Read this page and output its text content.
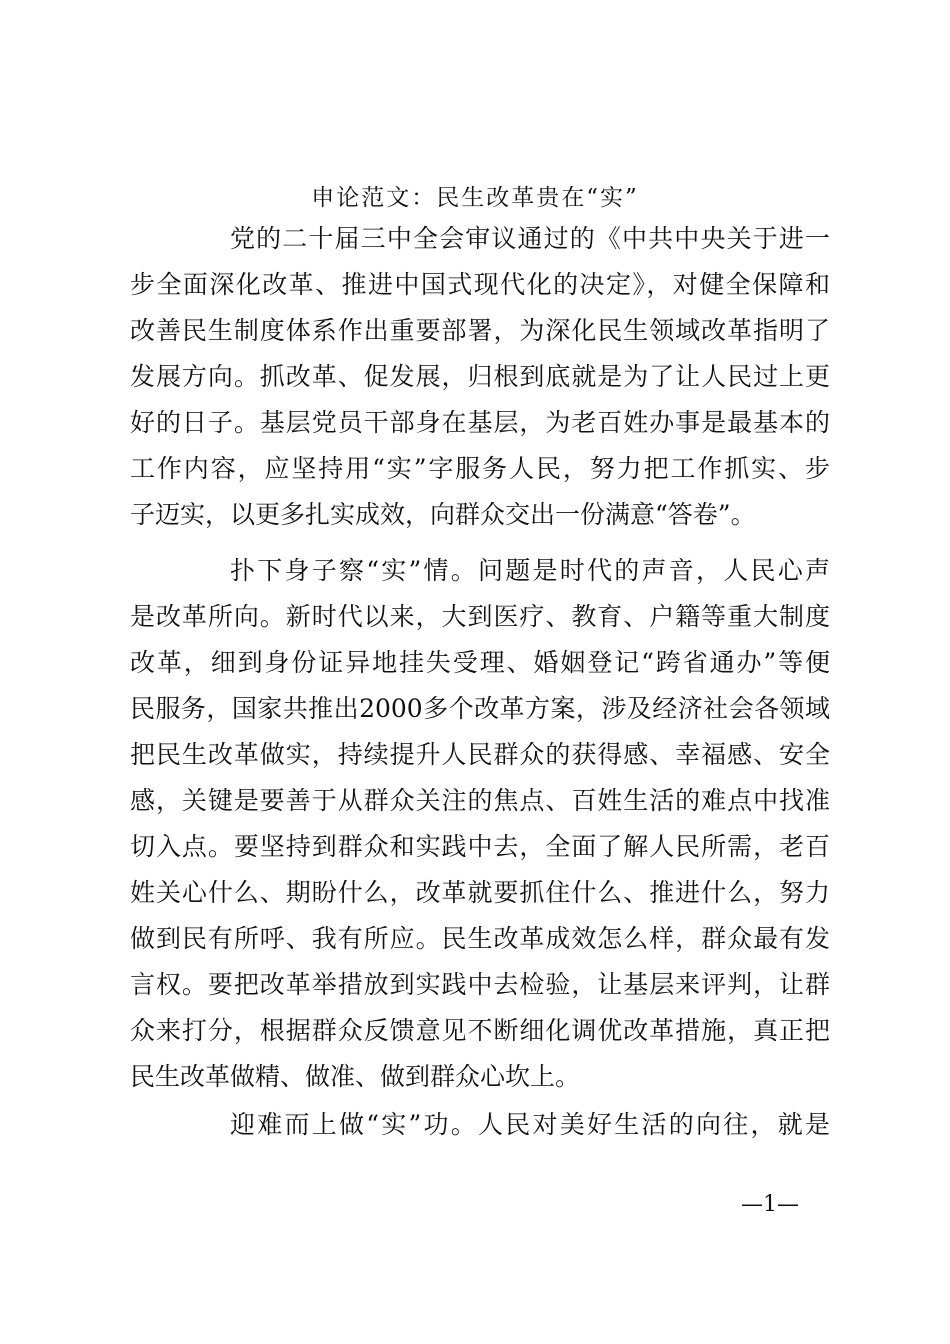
申论范文：民生改革贵在“实”
党的二十届三中全会审议通过的《中共中央关于进一
步全面深化改革、推进中国式现代化的决定》，对健全保障和
改善民生制度体系作出重要部署，为深化民生领域改革指明了
发展方向。抓改革、促发展，归根到底就是为了让人民过上更
好的日子。基层党员干部身在基层，为老百姓办事是最基本的
工作内容，应坚持用“实”字服务人民，努力把工作抓实、步
子迈实，以更多扎实成效，向群众交出一份满意“答卷”。
扑下身子察“实”情。问题是时代的声音，人民心声
是改革所向。新时代以来，大到医疗、教育、户籍等重大制度
改革，细到身份证异地挂失受理、婚姻登记“跨省通办”等便
民服务，国家共推出2000多个改革方案，涉及经济社会各领域
把民生改革做实，持续提升人民群众的获得感、幸福感、安全
感，关键是要善于从群众关注的焦点、百姓生活的难点中找准
切入点。要坚持到群众和实践中去，全面了解人民所需，老百
姓关心什么、期盼什么，改革就要抓住什么、推进什么，努力
做到民有所呼、我有所应。民生改革成效怎么样，群众最有发
言权。要把改革举措放到实践中去检验，让基层来评判，让群
众来打分，根据群众反馈意见不断细化调优改革措施，真正把
民生改革做精、做准、做到群众心坎上。
迎难而上做“实”功。人民对美好生活的向往，就是
—1—
